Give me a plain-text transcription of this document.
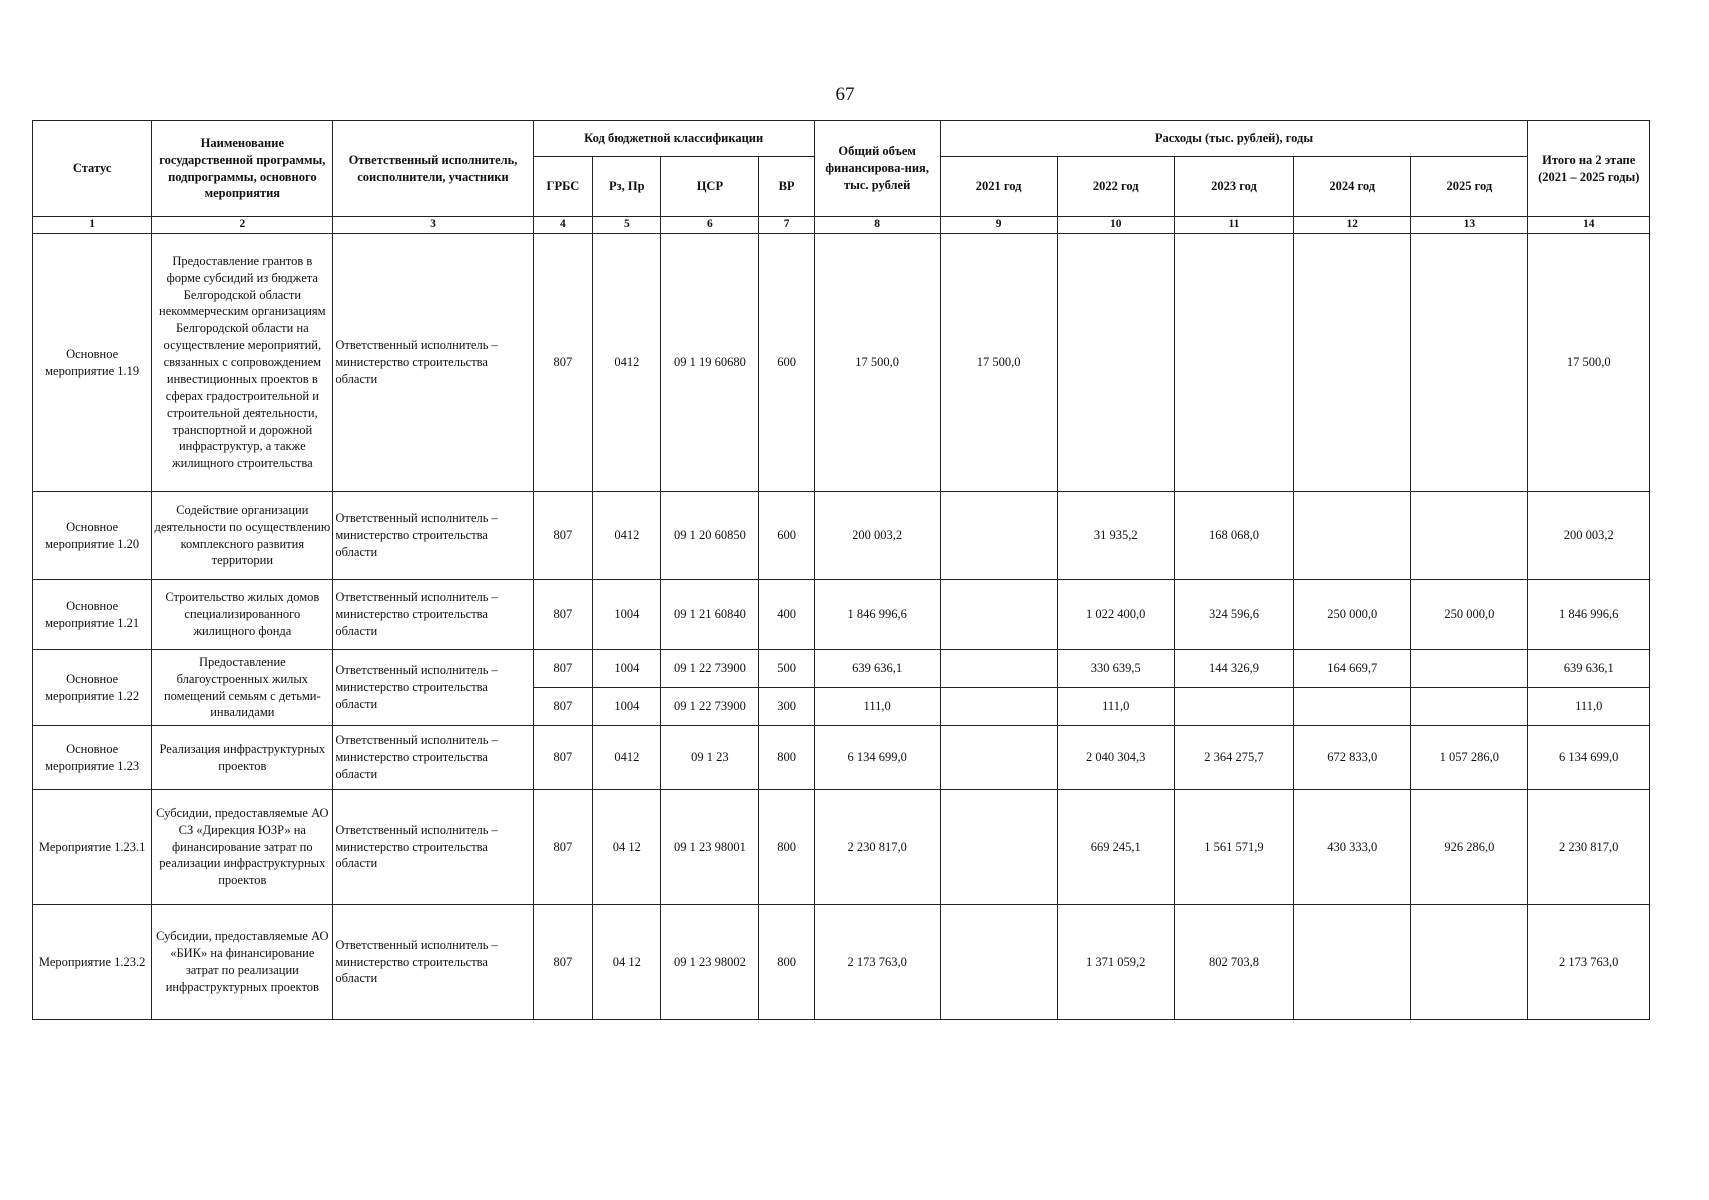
67
Статус	Наименование государственной программы, подпрограммы, основного мероприятия	Ответственный исполнитель, соисполнители, участники	Код бюджетной классификации				Общий объем финансирова-ния, тыс. рублей	Расходы (тыс. рублей), годы					Итого на 2 этапе (2021 – 2025 годы)
			ГРБС	Рз, Пр	ЦСР	ВР		2021 год	2022 год	2023 год	2024 год	2025 год	
1	2	3	4	5	6	7	8	9	10	11	12	13	14
Основное мероприятие 1.19	Предоставление грантов в форме субсидий из бюджета Белгородской области некоммерческим организациям Белгородской области на осуществление мероприятий, связанных с сопровождением инвестиционных проектов в сферах градостроительной и строительной деятельности, транспортной и дорожной инфраструктур, а также жилищного строительства	Ответственный исполнитель – министерство строительства области	807	0412	09 1 19 60680	600	17 500,0	17 500,0					17 500,0
Основное мероприятие 1.20	Содействие организации деятельности по осуществлению комплексного развития территории	Ответственный исполнитель – министерство строительства области	807	0412	09 1 20 60850	600	200 003,2		31 935,2	168 068,0			200 003,2
Основное мероприятие 1.21	Строительство жилых домов специализированного жилищного фонда	Ответственный исполнитель – министерство строительства области	807	1004	09 1 21 60840	400	1 846 996,6		1 022 400,0	324 596,6	250 000,0	250 000,0	1 846 996,6
Основное мероприятие 1.22	Предоставление благоустроенных жилых помещений семьям с детьми-инвалидами	Ответственный исполнитель – министерство строительства области	807	1004	09 1 22 73900	500	639 636,1		330 639,5	144 326,9	164 669,7		639 636,1
			807	1004	09 1 22 73900	300	111,0		111,0				111,0
Основное мероприятие 1.23	Реализация инфраструктурных проектов	Ответственный исполнитель – министерство строительства области	807	0412	09 1 23	800	6 134 699,0		2 040 304,3	2 364 275,7	672 833,0	1 057 286,0	6 134 699,0
Мероприятие 1.23.1	Субсидии, предоставляемые АО СЗ «Дирекция ЮЗР» на финансирование затрат по реализации инфраструктурных проектов	Ответственный исполнитель – министерство строительства области	807	04 12	09 1 23 98001	800	2 230 817,0		669 245,1	1 561 571,9	430 333,0	926 286,0	2 230 817,0
Мероприятие 1.23.2	Субсидии, предоставляемые АО «БИК» на финансирование затрат по реализации инфраструктурных проектов	Ответственный исполнитель – министерство строительства области	807	04 12	09 1 23 98002	800	2 173 763,0		1 371 059,2	802 703,8			2 173 763,0
